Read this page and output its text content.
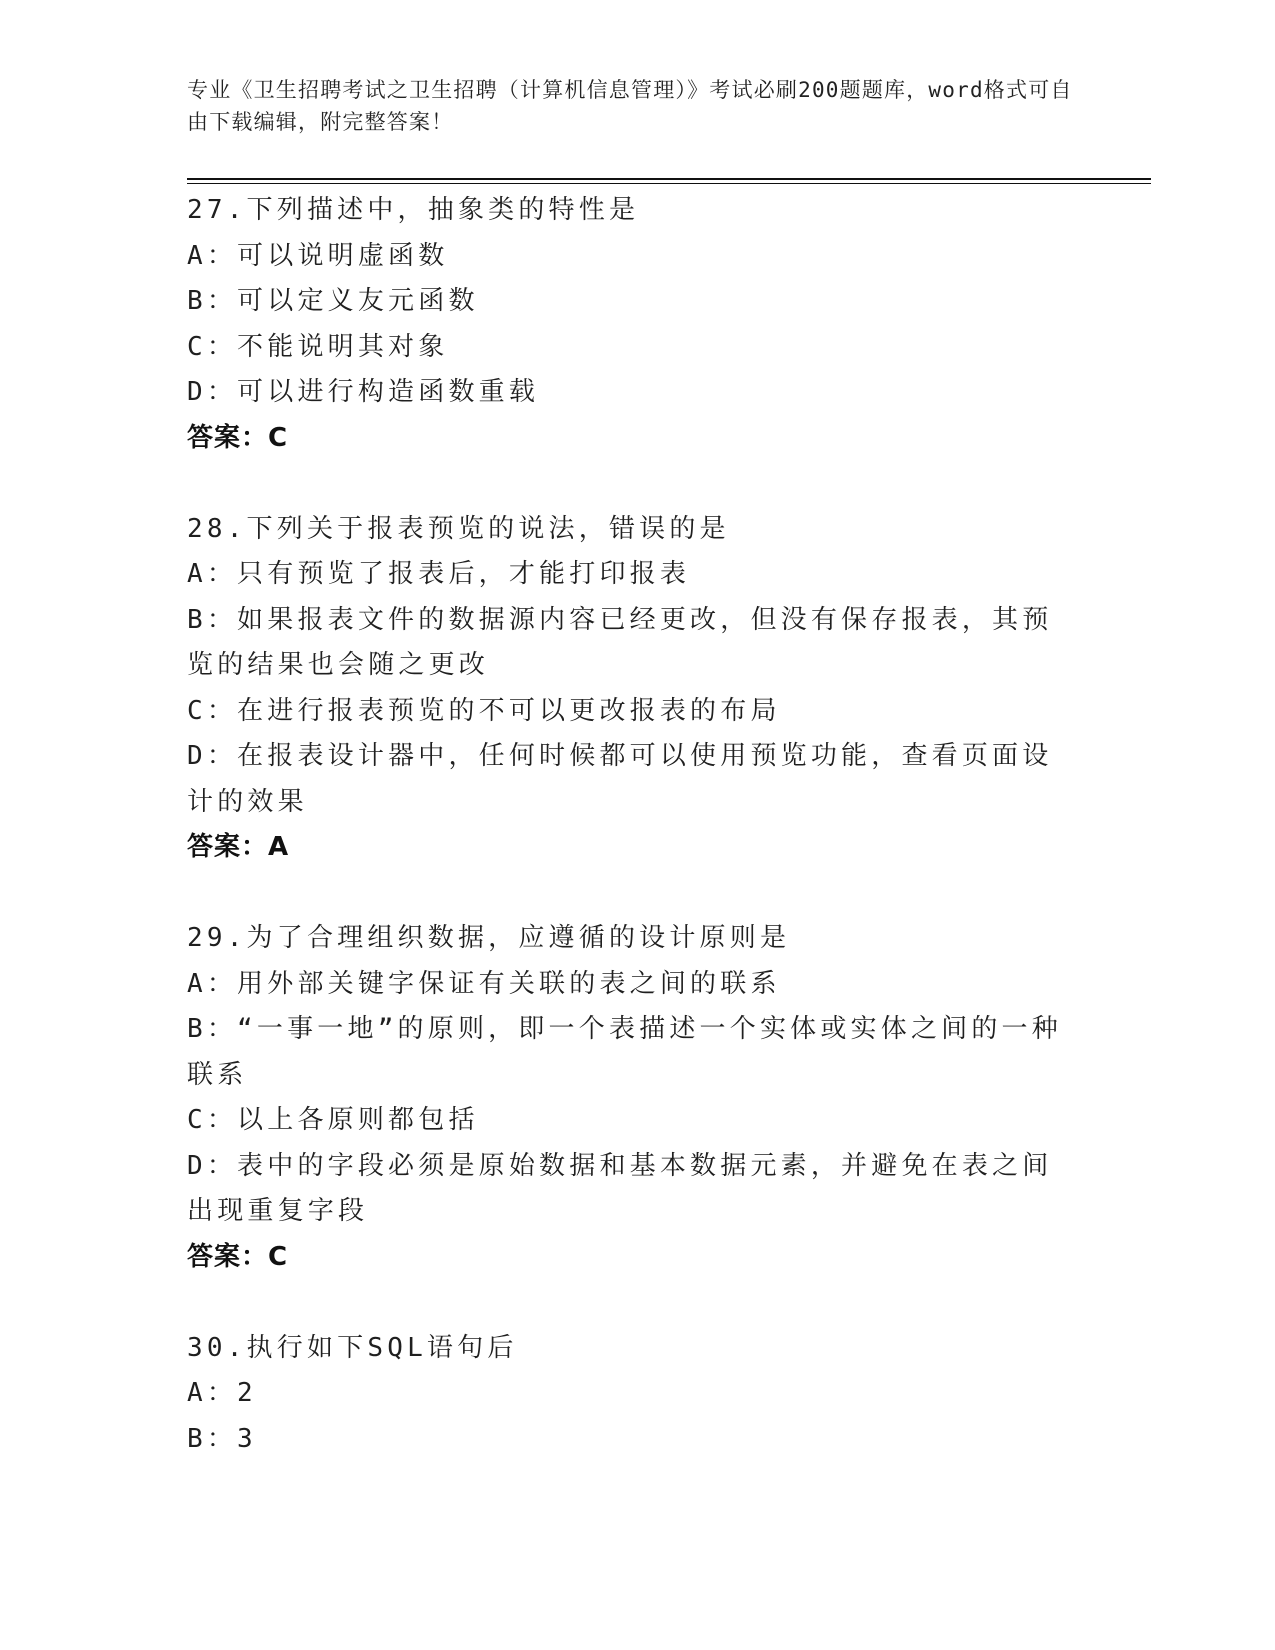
专业《卫生招聘考试之卫生招聘（计算机信息管理）》考试必刷200题题库，word格式可自由下载编辑，附完整答案！
27.下列描述中，抽象类的特性是
A：可以说明虚函数
B：可以定义友元函数
C：不能说明其对象
D：可以进行构造函数重载
答案：C
28.下列关于报表预览的说法，错误的是
A：只有预览了报表后，才能打印报表
B：如果报表文件的数据源内容已经更改，但没有保存报表，其预览的结果也会随之更改
C：在进行报表预览的不可以更改报表的布局
D：在报表设计器中，任何时候都可以使用预览功能，查看页面设计的效果
答案：A
29.为了合理组织数据，应遵循的设计原则是
A：用外部关键字保证有关联的表之间的联系
B：“一事一地”的原则，即一个表描述一个实体或实体之间的一种联系
C：以上各原则都包括
D：表中的字段必须是原始数据和基本数据元素，并避免在表之间出现重复字段
答案：C
30.执行如下SQL语句后
A：2
B：3
